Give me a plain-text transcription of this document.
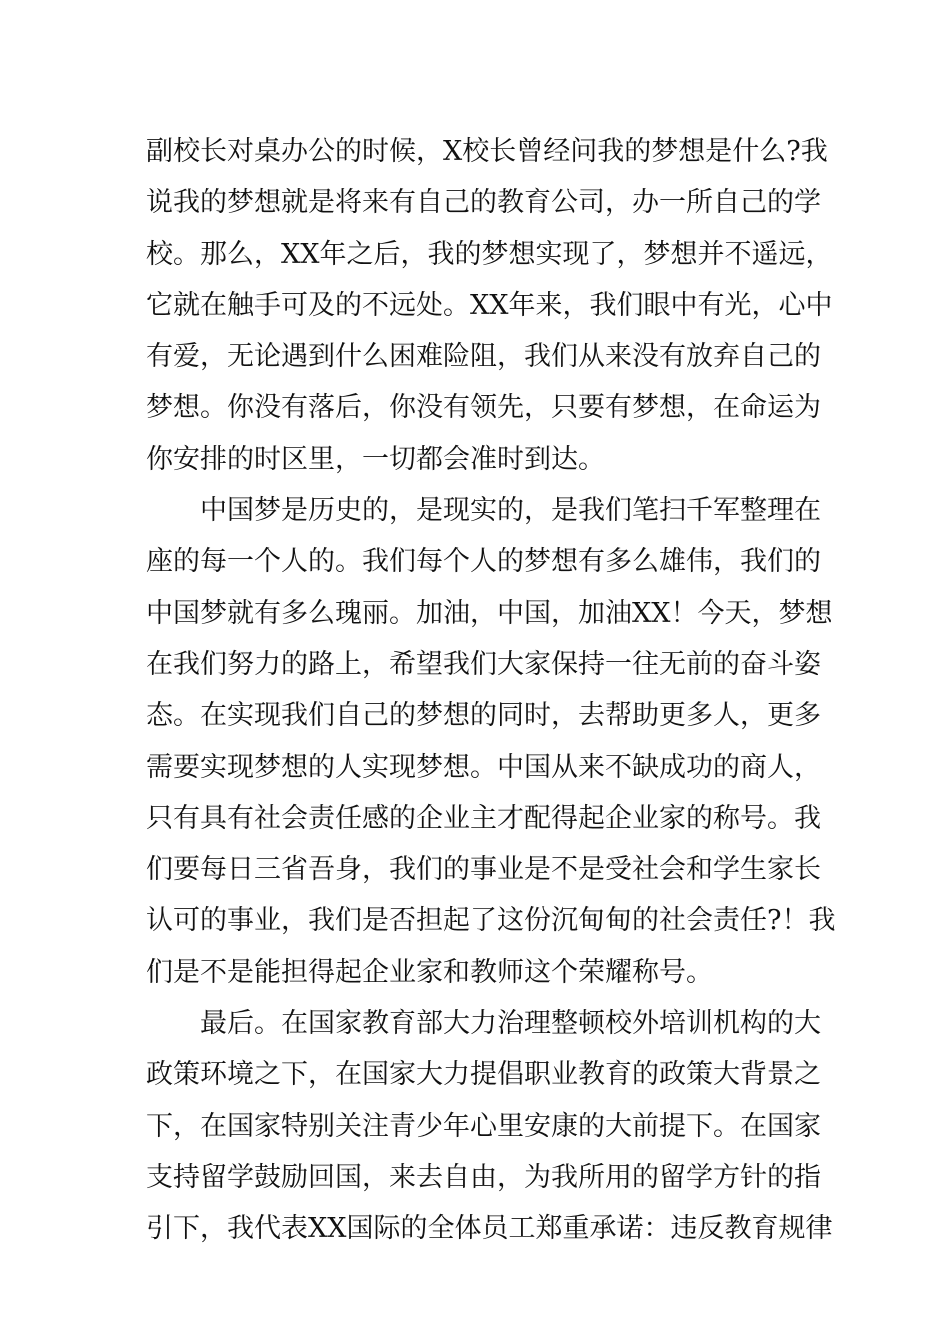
副校长对桌办公的时候，X校长曾经问我的梦想是什么?我
说我的梦想就是将来有自己的教育公司，办一所自己的学
校。那么，XX年之后，我的梦想实现了，梦想并不遥远，
它就在触手可及的不远处。XX年来，我们眼中有光，心中
有爱，无论遇到什么困难险阻，我们从来没有放弃自己的
梦想。你没有落后，你没有领先，只要有梦想，在命运为
你安排的时区里，一切都会准时到达。
中国梦是历史的，是现实的，是我们笔扫千军整理在
座的每一个人的。我们每个人的梦想有多么雄伟，我们的
中国梦就有多么瑰丽。加油，中国，加油XX！今天，梦想
在我们努力的路上，希望我们大家保持一往无前的奋斗姿
态。在实现我们自己的梦想的同时，去帮助更多人，更多
需要实现梦想的人实现梦想。中国从来不缺成功的商人，
只有具有社会责任感的企业主才配得起企业家的称号。我
们要每日三省吾身，我们的事业是不是受社会和学生家长
认可的事业，我们是否担起了这份沉甸甸的社会责任?！我
们是不是能担得起企业家和教师这个荣耀称号。
最后。在国家教育部大力治理整顿校外培训机构的大
政策环境之下，在国家大力提倡职业教育的政策大背景之
下，在国家特别关注青少年心里安康的大前提下。在国家
支持留学鼓励回国，来去自由，为我所用的留学方针的指
引下，我代表XX国际的全体员工郑重承诺：违反教育规律
